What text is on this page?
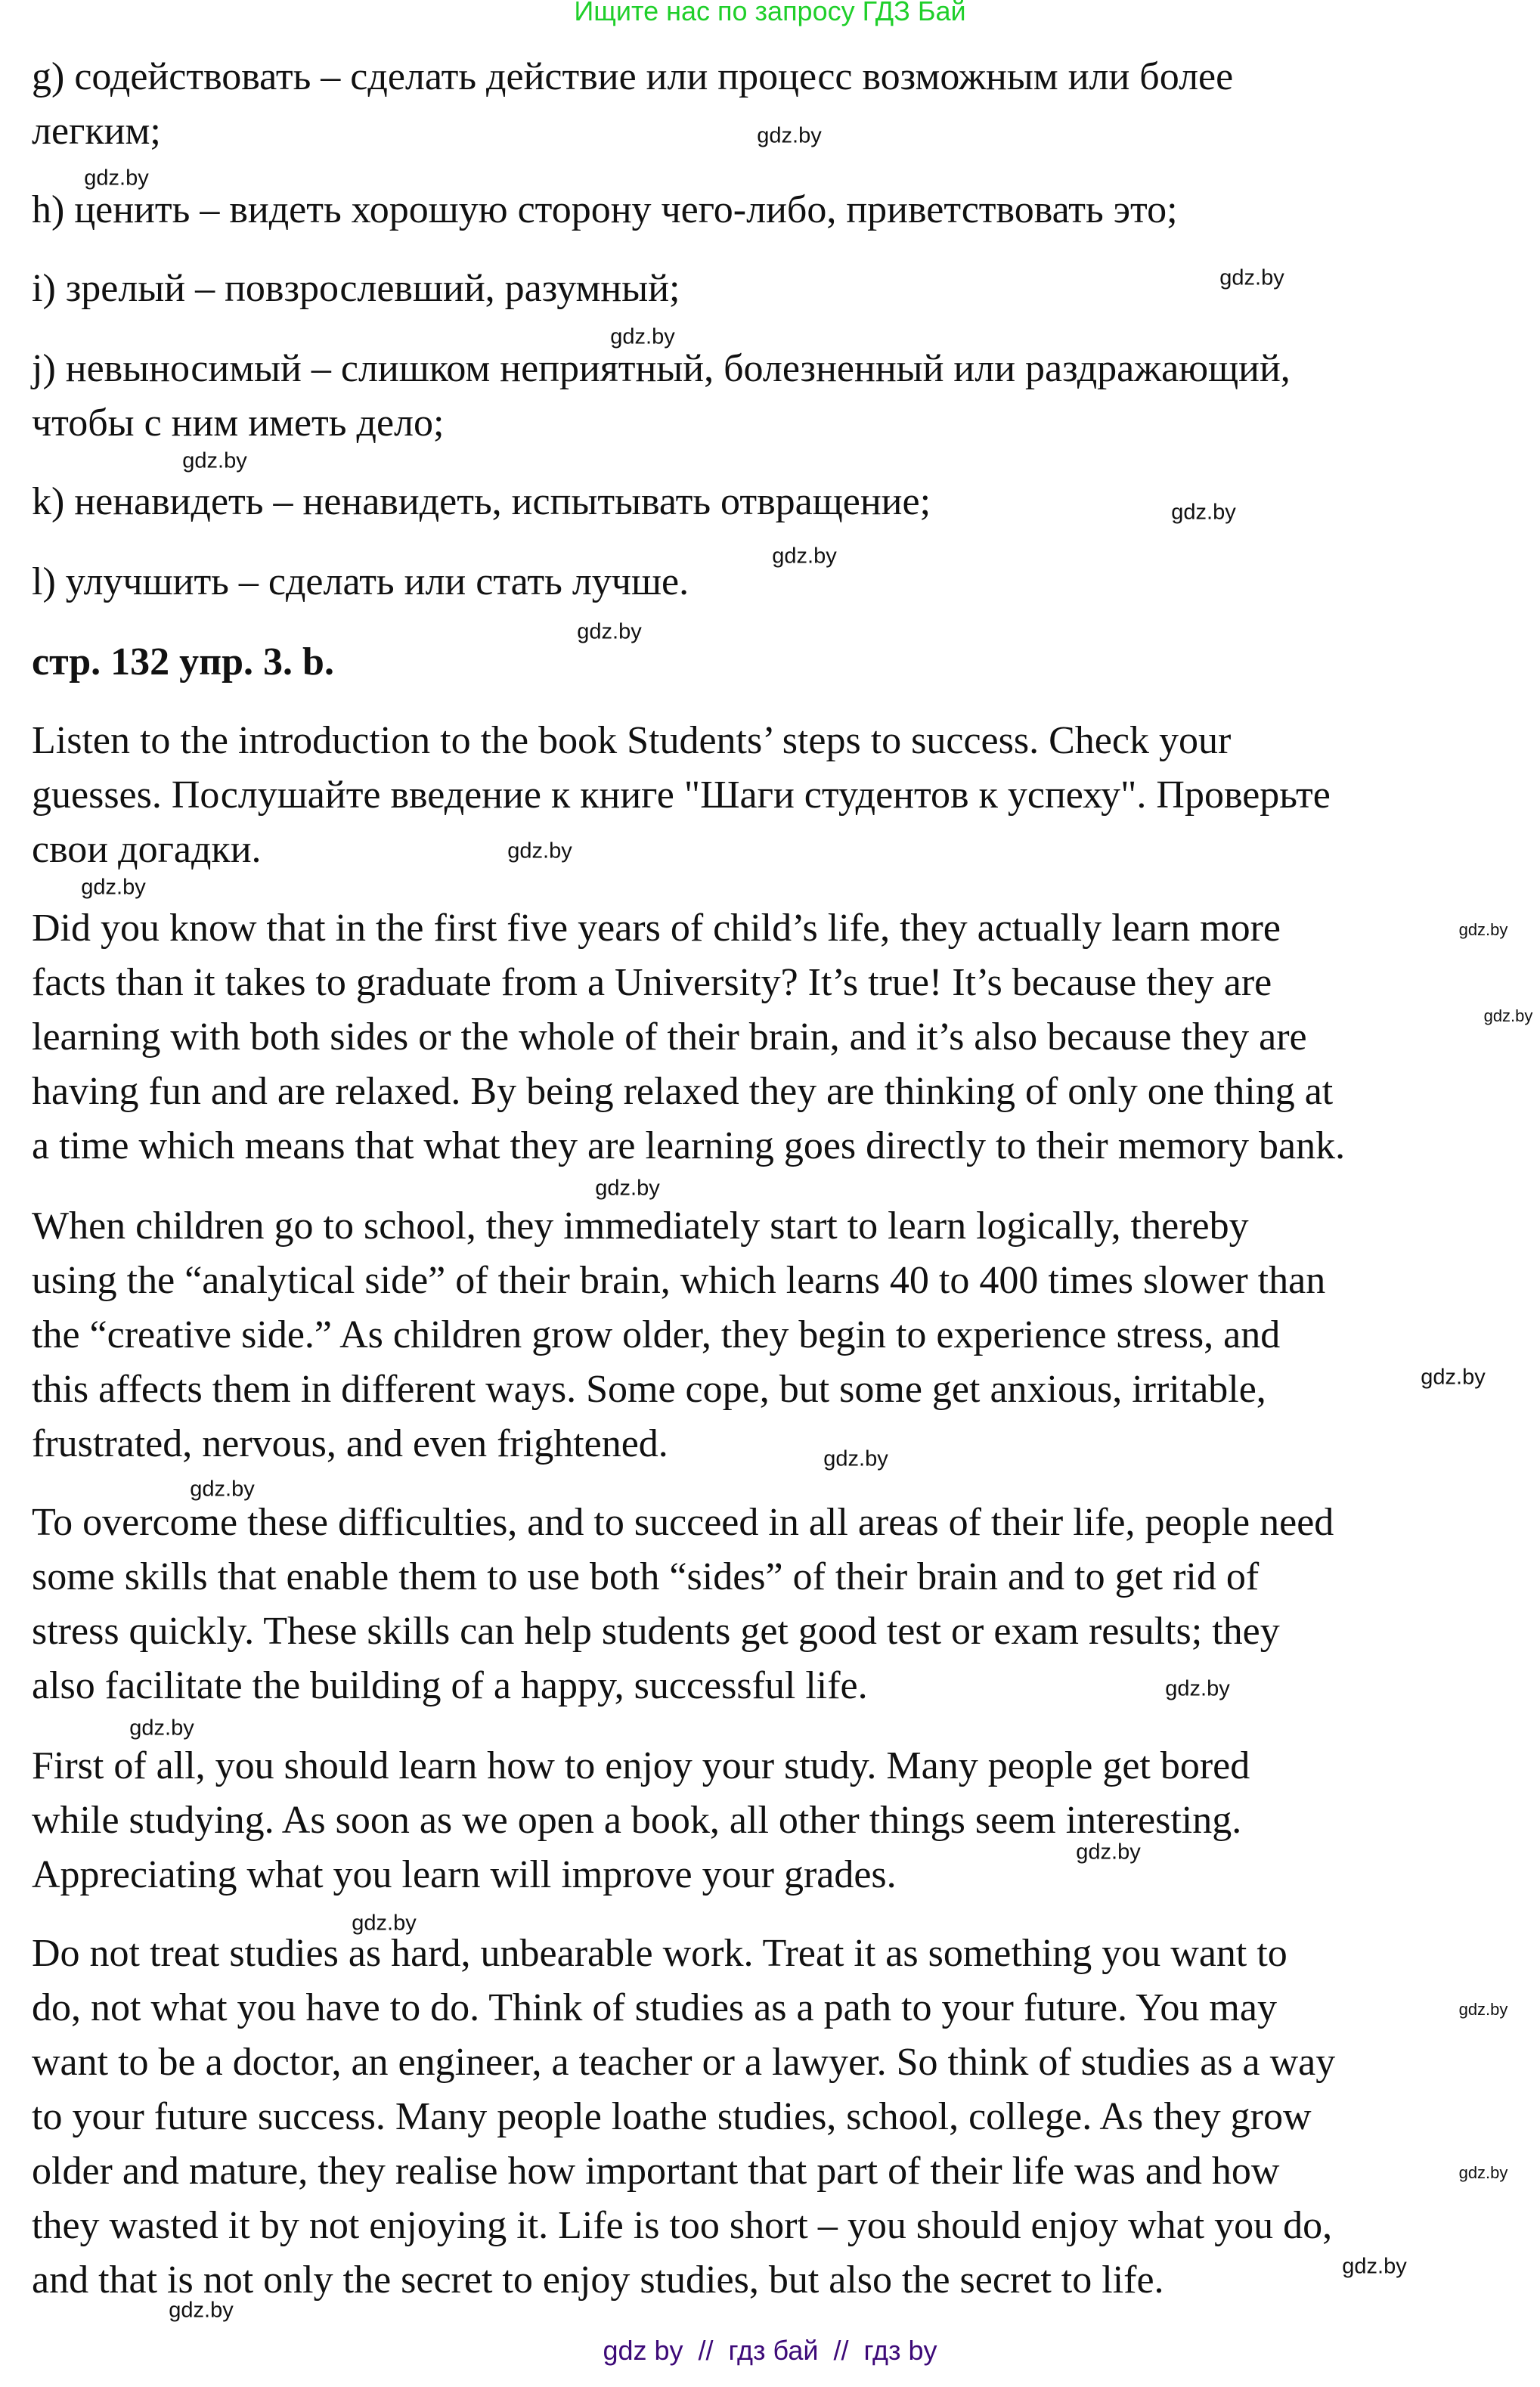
Ищите нас по запросу ГДЗ Бай
g) содействовать – сделать действие или процесс возможным или более
легким;
h) ценить – видеть хорошую сторону чего-либо, приветствовать это;
i) зрелый – повзрослевший, разумный;
j) невыносимый – слишком неприятный, болезненный или раздражающий,
чтобы с ним иметь дело;
k) ненавидеть – ненавидеть, испытывать отвращение;
l) улучшить – сделать или стать лучше.
стр. 132 упр. 3. b.
Listen to the introduction to the book Students’ steps to success. Check your
guesses. Послушайте введение к книге "Шаги студентов к успеху". Проверьте
свои догадки.
Did you know that in the first five years of child’s life, they actually learn more
facts than it takes to graduate from a University? It’s true! It’s because they are
learning with both sides or the whole of their brain, and it’s also because they are
having fun and are relaxed. By being relaxed they are thinking of only one thing at
a time which means that what they are learning goes directly to their memory bank.
When children go to school, they immediately start to learn logically, thereby
using the “analytical side” of their brain, which learns 40 to 400 times slower than
the “creative side.” As children grow older, they begin to experience stress, and
this affects them in different ways. Some cope, but some get anxious, irritable,
frustrated, nervous, and even frightened.
To overcome these difficulties, and to succeed in all areas of their life, people need
some skills that enable them to use both “sides” of their brain and to get rid of
stress quickly. These skills can help students get good test or exam results; they
also facilitate the building of a happy, successful life.
First of all, you should learn how to enjoy your study. Many people get bored
while studying. As soon as we open a book, all other things seem interesting.
Appreciating what you learn will improve your grades.
Do not treat studies as hard, unbearable work. Treat it as something you want to
do, not what you have to do. Think of studies as a path to your future. You may
want to be a doctor, an engineer, a teacher or a lawyer. So think of studies as a way
to your future success. Many people loathe studies, school, college. As they grow
older and mature, they realise how important that part of their life was and how
they wasted it by not enjoying it. Life is too short – you should enjoy what you do,
and that is not only the secret to enjoy studies, but also the secret to life.
gdz.by
gdz.by
gdz.by
gdz.by
gdz.by
gdz.by
gdz.by
gdz.by
gdz.by
gdz.by
gdz.by
gdz.by
gdz.by
gdz.by
gdz.by
gdz.by
gdz.by
gdz.by
gdz.by
gdz.by
gdz.by
gdz.by
gdz.by
gdz.by
gdz by  //  гдз бай  //  гдз by
